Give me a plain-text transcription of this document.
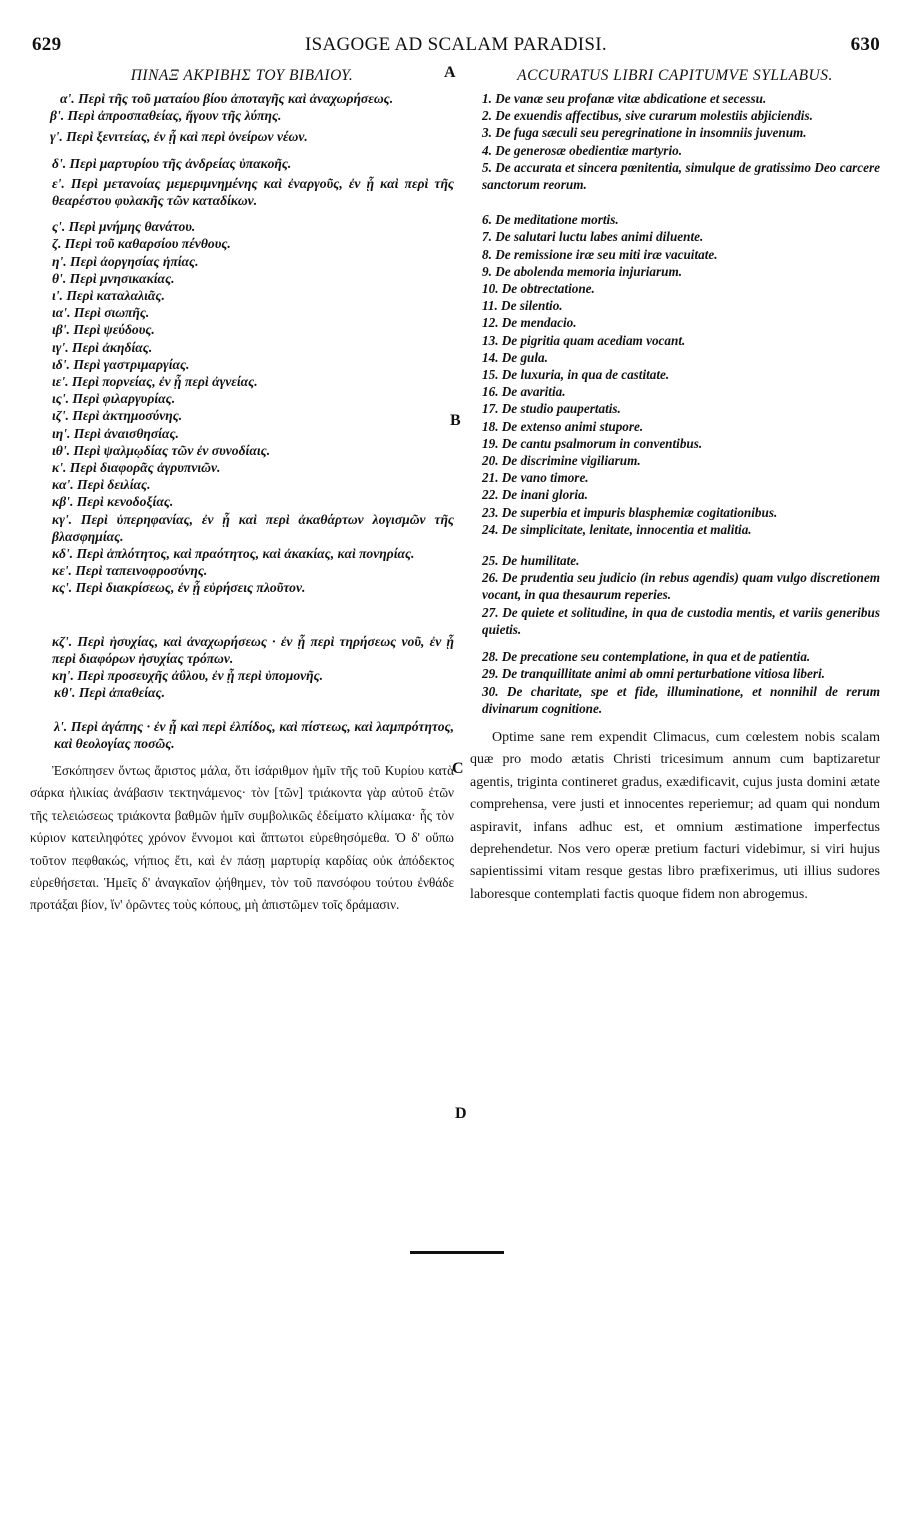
629	ISAGOGE AD SCALAM PARADISI.	630
A
B
C
D
ΠΙΝΑΞ ΑΚΡΙΒΗΣ ΤΟΥ ΒΙΒΛΙΟΥ.

α'. Περὶ τῆς τοῦ ματαίου βίου ἀποταγῆς καὶ ἀναχωρήσεως.

β'. Περὶ ἀπροσπαθείας, ἤγουν τῆς λύπης.

γ'. Περὶ ξενιτείας, ἐν ᾗ καὶ περὶ ὀνείρων νέων.

δ'. Περὶ μαρτυρίου τῆς ἀνδρείας ὑπακοῆς.

ε'. Περὶ μετανοίας μεμεριμνημένης καὶ ἐναργοῦς, ἐν ᾗ καὶ περὶ τῆς θεαρέστου φυλακῆς τῶν καταδίκων.

ς'. Περὶ μνήμης θανάτου.

ζ. Περὶ τοῦ καθαρσίου πένθους.

η'. Περὶ ἀοργησίας ἠπίας.

θ'. Περὶ μνησικακίας.

ι'. Περὶ καταλαλιᾶς.

ια'. Περὶ σιωπῆς.

ιβ'. Περὶ ψεύδους.

ιγ'. Περὶ ἀκηδίας.

ιδ'. Περὶ γαστριμαργίας.

ιε'. Περὶ πορνείας, ἐν ᾗ περὶ ἀγνείας.

ις'. Περὶ φιλαργυρίας.

ιζ'. Περὶ ἀκτημοσύνης.

ιη'. Περὶ ἀναισθησίας.

ιθ'. Περὶ ψαλμῳδίας τῶν ἐν συνοδίαις.

κ'. Περὶ διαφορᾶς ἀγρυπνιῶν.

κα'. Περὶ δειλίας.

κβ'. Περὶ κενοδοξίας.

κγ'. Περὶ ὑπερηφανίας, ἐν ᾗ καὶ περὶ ἀκαθάρτων λογισμῶν τῆς βλασφημίας.

κδ'. Περὶ ἁπλότητος, καὶ πραότητος, καὶ ἀκακίας, καὶ πονηρίας.

κε'. Περὶ ταπεινοφροσύνης.

κς'. Περὶ διακρίσεως, ἐν ᾗ εὑρήσεις πλοῦτον.

κζ'. Περὶ ἡσυχίας, καὶ ἀναχωρήσεως · ἐν ᾗ περὶ τηρήσεως νοῦ, ἐν ᾗ περὶ διαφόρων ἡσυχίας τρόπων.

κη'. Περὶ προσευχῆς ἀΰλου, ἐν ᾗ περὶ ὑπομονῆς.

κθ'. Περὶ ἀπαθείας.

λ'. Περὶ ἀγάπης · ἐν ᾗ καὶ περὶ ἐλπίδος, καὶ πίστεως, καὶ λαμπρότητος, καὶ θεολογίας ποσῶς.

Ἐσκόπησεν ὄντως ἄριστος μάλα, ὅτι ἰσάριθμον ἡμῖν τῆς τοῦ Κυρίου κατὰ σάρκα ἡλικίας ἀνάβασιν τεκτηνάμενος· τὸν [τῶν] τριάκοντα γὰρ αὐτοῦ ἐτῶν τῆς τελειώσεως τριάκοντα βαθμῶν ἡμῖν συμβολικῶς ἐδείματο κλίμακα· ἧς τὸν κύριον κατειληφότες χρόνον ἔννομοι καὶ ἄπτωτοι εὑρεθησόμεθα. Ὁ δ' οὔπω τοῦτον πεφθακώς, νήπιος ἔτι, καὶ ἐν πάσῃ μαρτυρίᾳ καρδίας οὐκ ἀπόδεκτος εὑρεθήσεται. Ἡμεῖς δ' ἀναγκαῖον ᾠήθημεν, τὸν τοῦ πανσόφου τούτου ἐνθάδε προτάξαι βίον, ἵν' ὁρῶντες τοὺς κόπους, μὴ ἀπιστῶμεν τοῖς δράμασιν.

ACCURATUS LIBRI CAPITUMVE SYLLABUS.

1. De vanæ seu profanæ vitæ abdicatione et secessu.

2. De exuendis affectibus, sive curarum molestiis abjiciendis.

3. De fuga sæculi seu peregrinatione in insomniis juvenum.

4. De generosæ obedientiæ martyrio.

5. De accurata et sincera pœnitentia, simulque de gratissimo Deo carcere sanctorum reorum.

6. De meditatione mortis.

7. De salutari luctu labes animi diluente.

8. De remissione iræ seu miti iræ vacuitate.

9. De abolenda memoria injuriarum.

10. De obtrectatione.

11. De silentio.

12. De mendacio.

13. De pigritia quam acediam vocant.

14. De gula.

15. De luxuria, in qua de castitate.

16. De avaritia.

17. De studio paupertatis.

18. De extenso animi stupore.

19. De cantu psalmorum in conventibus.

20. De discrimine vigiliarum.

21. De vano timore.

22. De inani gloria.

23. De superbia et impuris blasphemiæ cogitationibus.

24. De simplicitate, lenitate, innocentia et malitia.

25. De humilitate.

26. De prudentia seu judicio (in rebus agendis) quam vulgo discretionem vocant, in qua thesaurum reperies.

27. De quiete et solitudine, in qua de custodia mentis, et variis generibus quietis.

28. De precatione seu contemplatione, in qua et de patientia.

29. De tranquillitate animi ab omni perturbatione vitiosa liberi.

30. De charitate, spe et fide, illuminatione, et nonnihil de rerum divinarum cognitione.

Optime sane rem expendit Climacus, cum cœlestem nobis scalam quæ pro modo ætatis Christi tricesimum annum cum baptizaretur agentis, triginta contineret gradus, exædificavit, cujus justa domini ætate comprehensa, vere justi et innocentes reperiemur; ad quam qui nondum aspiravit, infans adhuc est, et omnium æstimatione imperfectus deprehendetur. Nos vero operæ pretium facturi videbimur, si viri hujus sapientissimi vitam resque gestas libro præfixerimus, uti illius sudores laboresque contemplati factis quoque fidem non abrogemus.
